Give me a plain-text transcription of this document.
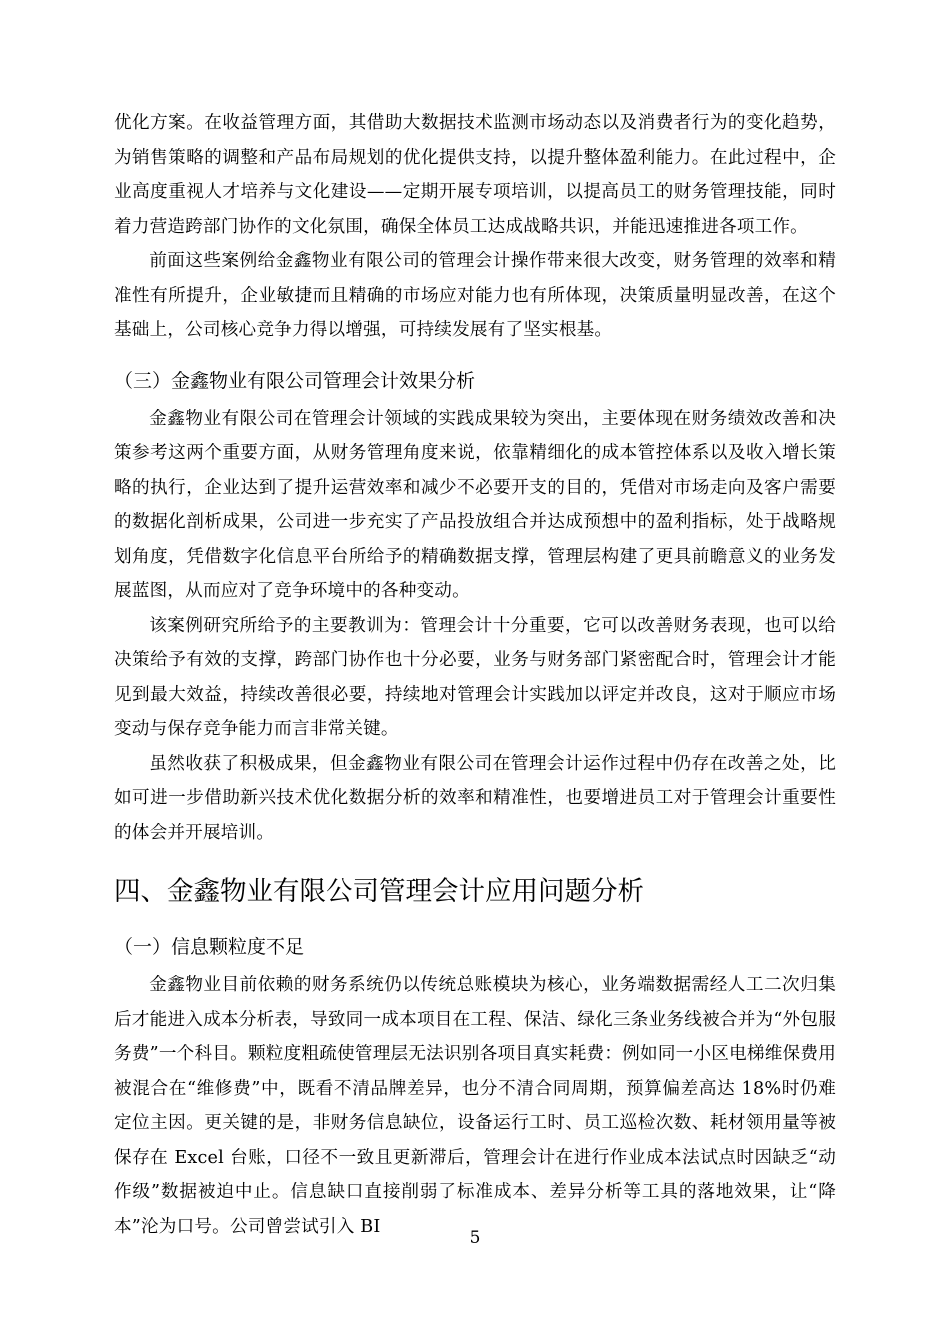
优化方案。在收益管理方面，其借助大数据技术监测市场动态以及消费者行为的变化趋势，为销售策略的调整和产品布局规划的优化提供支持，以提升整体盈利能力。在此过程中，企业高度重视人才培养与文化建设——定期开展专项培训，以提高员工的财务管理技能，同时着力营造跨部门协作的文化氛围，确保全体员工达成战略共识，并能迅速推进各项工作。

前面这些案例给金鑫物业有限公司的管理会计操作带来很大改变，财务管理的效率和精准性有所提升，企业敏捷而且精确的市场应对能力也有所体现，决策质量明显改善，在这个基础上，公司核心竞争力得以增强，可持续发展有了坚实根基。

（三）金鑫物业有限公司管理会计效果分析

金鑫物业有限公司在管理会计领域的实践成果较为突出，主要体现在财务绩效改善和决策参考这两个重要方面，从财务管理角度来说，依靠精细化的成本管控体系以及收入增长策略的执行，企业达到了提升运营效率和减少不必要开支的目的，凭借对市场走向及客户需要的数据化剖析成果，公司进一步充实了产品投放组合并达成预想中的盈利指标，处于战略规划角度，凭借数字化信息平台所给予的精确数据支撑，管理层构建了更具前瞻意义的业务发展蓝图，从而应对了竞争环境中的各种变动。

该案例研究所给予的主要教训为：管理会计十分重要，它可以改善财务表现，也可以给决策给予有效的支撑，跨部门协作也十分必要，业务与财务部门紧密配合时，管理会计才能见到最大效益，持续改善很必要，持续地对管理会计实践加以评定并改良，这对于顺应市场变动与保存竞争能力而言非常关键。

虽然收获了积极成果，但金鑫物业有限公司在管理会计运作过程中仍存在改善之处，比如可进一步借助新兴技术优化数据分析的效率和精准性，也要增进员工对于管理会计重要性的体会并开展培训。

四、金鑫物业有限公司管理会计应用问题分析
（一）信息颗粒度不足

金鑫物业目前依赖的财务系统仍以传统总账模块为核心，业务端数据需经人工二次归集后才能进入成本分析表，导致同一成本项目在工程、保洁、绿化三条业务线被合并为“外包服务费”一个科目。颗粒度粗疏使管理层无法识别各项目真实耗费：例如同一小区电梯维保费用被混合在“维修费”中，既看不清品牌差异，也分不清合同周期，预算偏差高达 18%时仍难定位主因。更关键的是，非财务信息缺位，设备运行工时、员工巡检次数、耗材领用量等被保存在 Excel 台账，口径不一致且更新滞后，管理会计在进行作业成本法试点时因缺乏“动作级”数据被迫中止。信息缺口直接削弱了标准成本、差异分析等工具的落地效果，让“降本”沦为口号。公司曾尝试引入 BI

5
